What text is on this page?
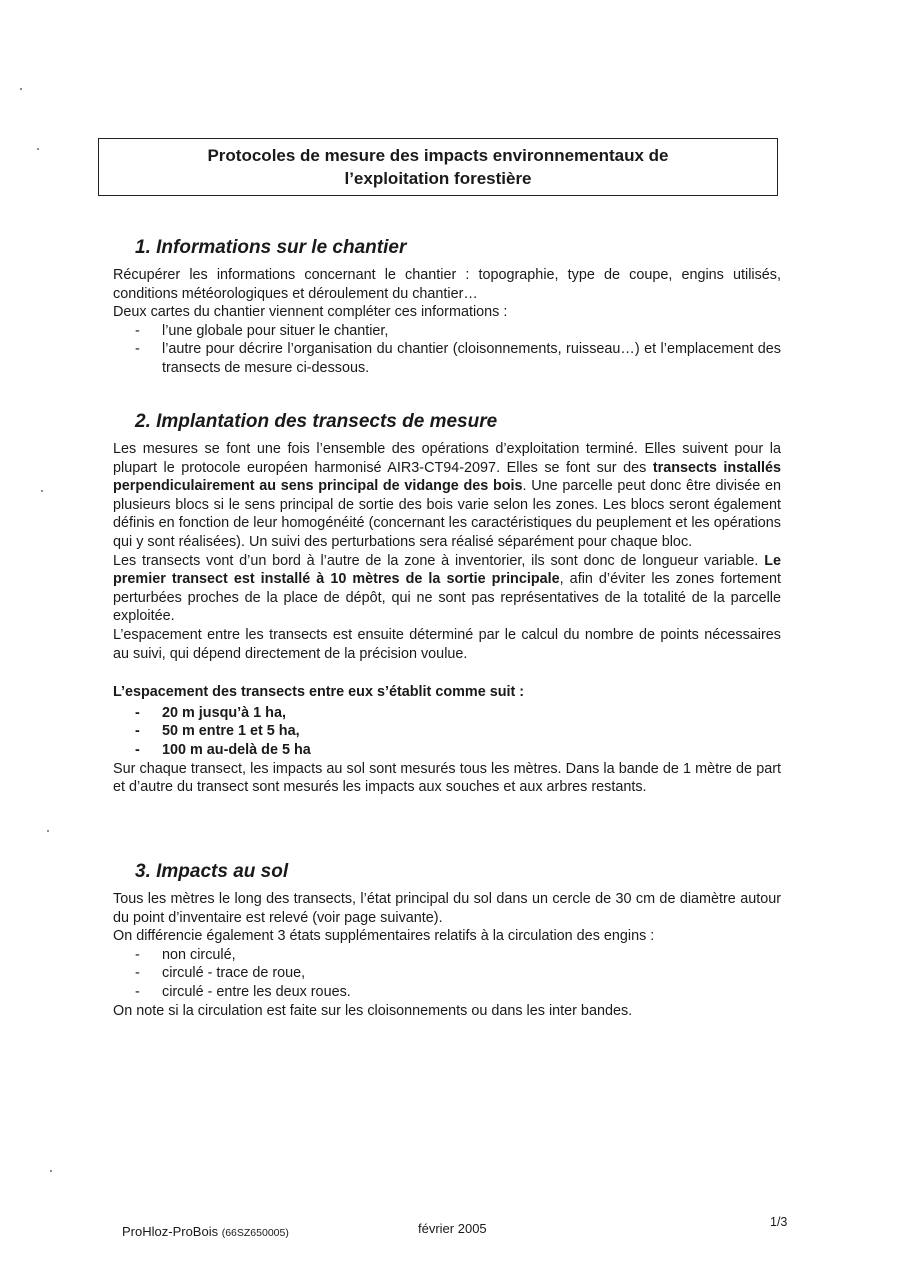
Protocoles de mesure des impacts environnementaux de
l’exploitation forestière
1. Informations sur le chantier

Récupérer les informations concernant le chantier : topographie, type de coupe, engins utilisés, conditions météorologiques et déroulement du chantier…

Deux cartes du chantier viennent compléter ces informations :

- l’une globale pour situer le chantier,
- l’autre pour décrire l’organisation du chantier (cloisonnements, ruisseau…) et l’emplacement des transects de mesure ci-dessous.
2. Implantation des transects de mesure

Les mesures se font une fois l’ensemble des opérations d’exploitation terminé. Elles suivent pour la plupart le protocole européen harmonisé AIR3-CT94-2097. Elles se font sur des transects installés perpendiculairement au sens principal de vidange des bois. Une parcelle peut donc être divisée en plusieurs blocs si le sens principal de sortie des bois varie selon les zones. Les blocs seront également définis en fonction de leur homogénéité (concernant les caractéristiques du peuplement et les opérations qui y sont réalisées). Un suivi des perturbations sera réalisé séparément pour chaque bloc.

Les transects vont d’un bord à l’autre de la zone à inventorier, ils sont donc de longueur variable. Le premier transect est installé à 10 mètres de la sortie principale, afin d’éviter les zones fortement perturbées proches de la place de dépôt, qui ne sont pas représentatives de la totalité de la parcelle exploitée.

L’espacement entre les transects est ensuite déterminé par le calcul du nombre de points nécessaires au suivi, qui dépend directement de la précision voulue.

L’espacement des transects entre eux s’établit comme suit :

- 20 m jusqu’à 1 ha,
- 50 m entre 1 et 5 ha,
- 100 m au-delà de 5 ha

Sur chaque transect, les impacts au sol sont mesurés tous les mètres. Dans la bande de 1 mètre de part et d’autre du transect sont mesurés les impacts aux souches et aux arbres restants.

3. Impacts au sol

Tous les mètres le long des transects, l’état principal du sol dans un cercle de 30 cm de diamètre autour du point d’inventaire est relevé (voir page suivante).

On différencie également 3 états supplémentaires relatifs à la circulation des engins :

- non circulé,
- circulé - trace de roue,
- circulé - entre les deux roues.

On note si la circulation est faite sur les cloisonnements ou dans les inter bandes.

ProHloz-ProBois (66SZ650005)	février 2005	1/3
